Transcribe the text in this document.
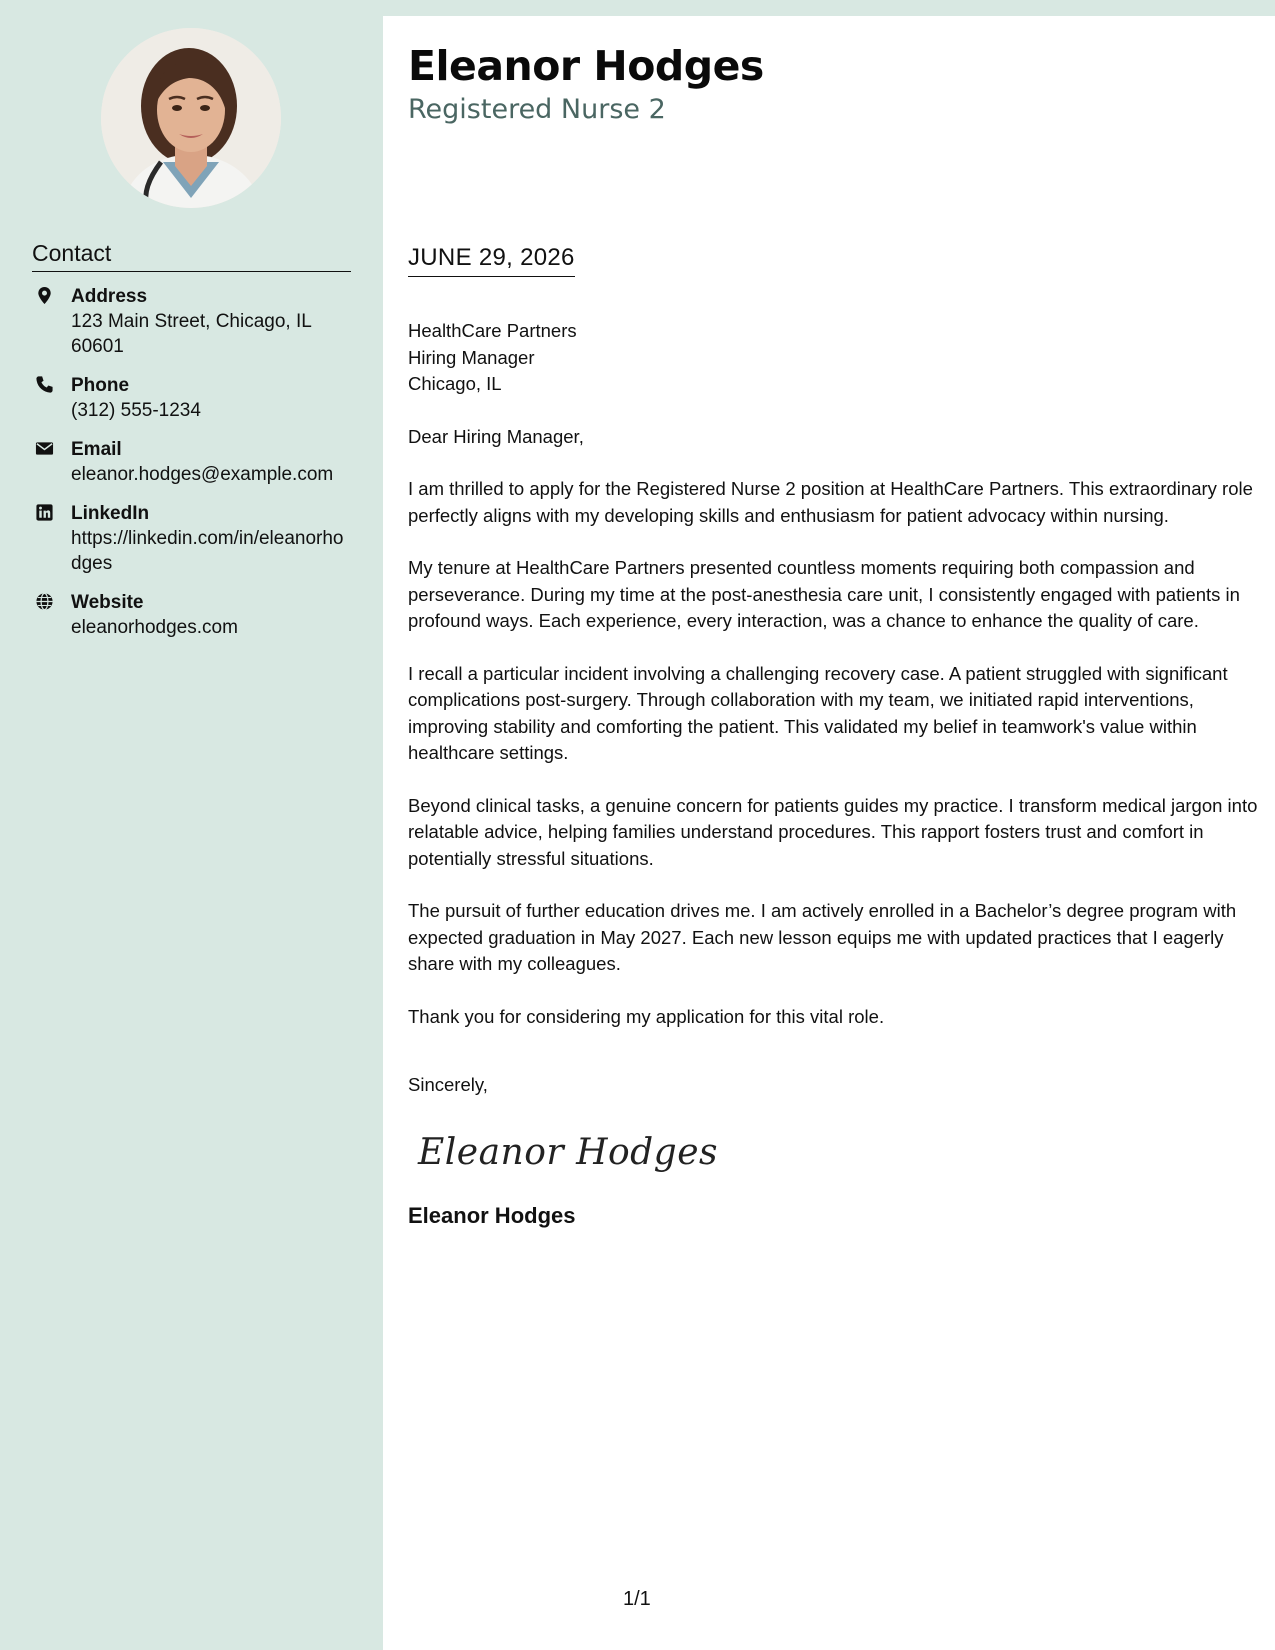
Contact
Address
123 Main Street, Chicago, IL 60601
Phone
(312) 555-1234
Email
eleanor.hodges@example.com
LinkedIn
https://linkedin.com/in/eleanorhodges
Website
eleanorhodges.com
Eleanor Hodges
Registered Nurse 2
JUNE 29, 2026

HealthCare Partners
Hiring Manager
Chicago, IL

Dear Hiring Manager,

I am thrilled to apply for the Registered Nurse 2 position at HealthCare Partners. This extraordinary role perfectly aligns with my developing skills and enthusiasm for patient advocacy within nursing.

My tenure at HealthCare Partners presented countless moments requiring both compassion and perseverance. During my time at the post-anesthesia care unit, I consistently engaged with patients in profound ways. Each experience, every interaction, was a chance to enhance the quality of care.

I recall a particular incident involving a challenging recovery case. A patient struggled with significant complications post-surgery. Through collaboration with my team, we initiated rapid interventions, improving stability and comforting the patient. This validated my belief in teamwork's value within healthcare settings.

Beyond clinical tasks, a genuine concern for patients guides my practice. I transform medical jargon into relatable advice, helping families understand procedures. This rapport fosters trust and comfort in potentially stressful situations.

The pursuit of further education drives me. I am actively enrolled in a Bachelor’s degree program with expected graduation in May 2027. Each new lesson equips me with updated practices that I eagerly share with my colleagues.

Thank you for considering my application for this vital role.

Sincerely,
Eleanor Hodges
Eleanor Hodges
1/1
